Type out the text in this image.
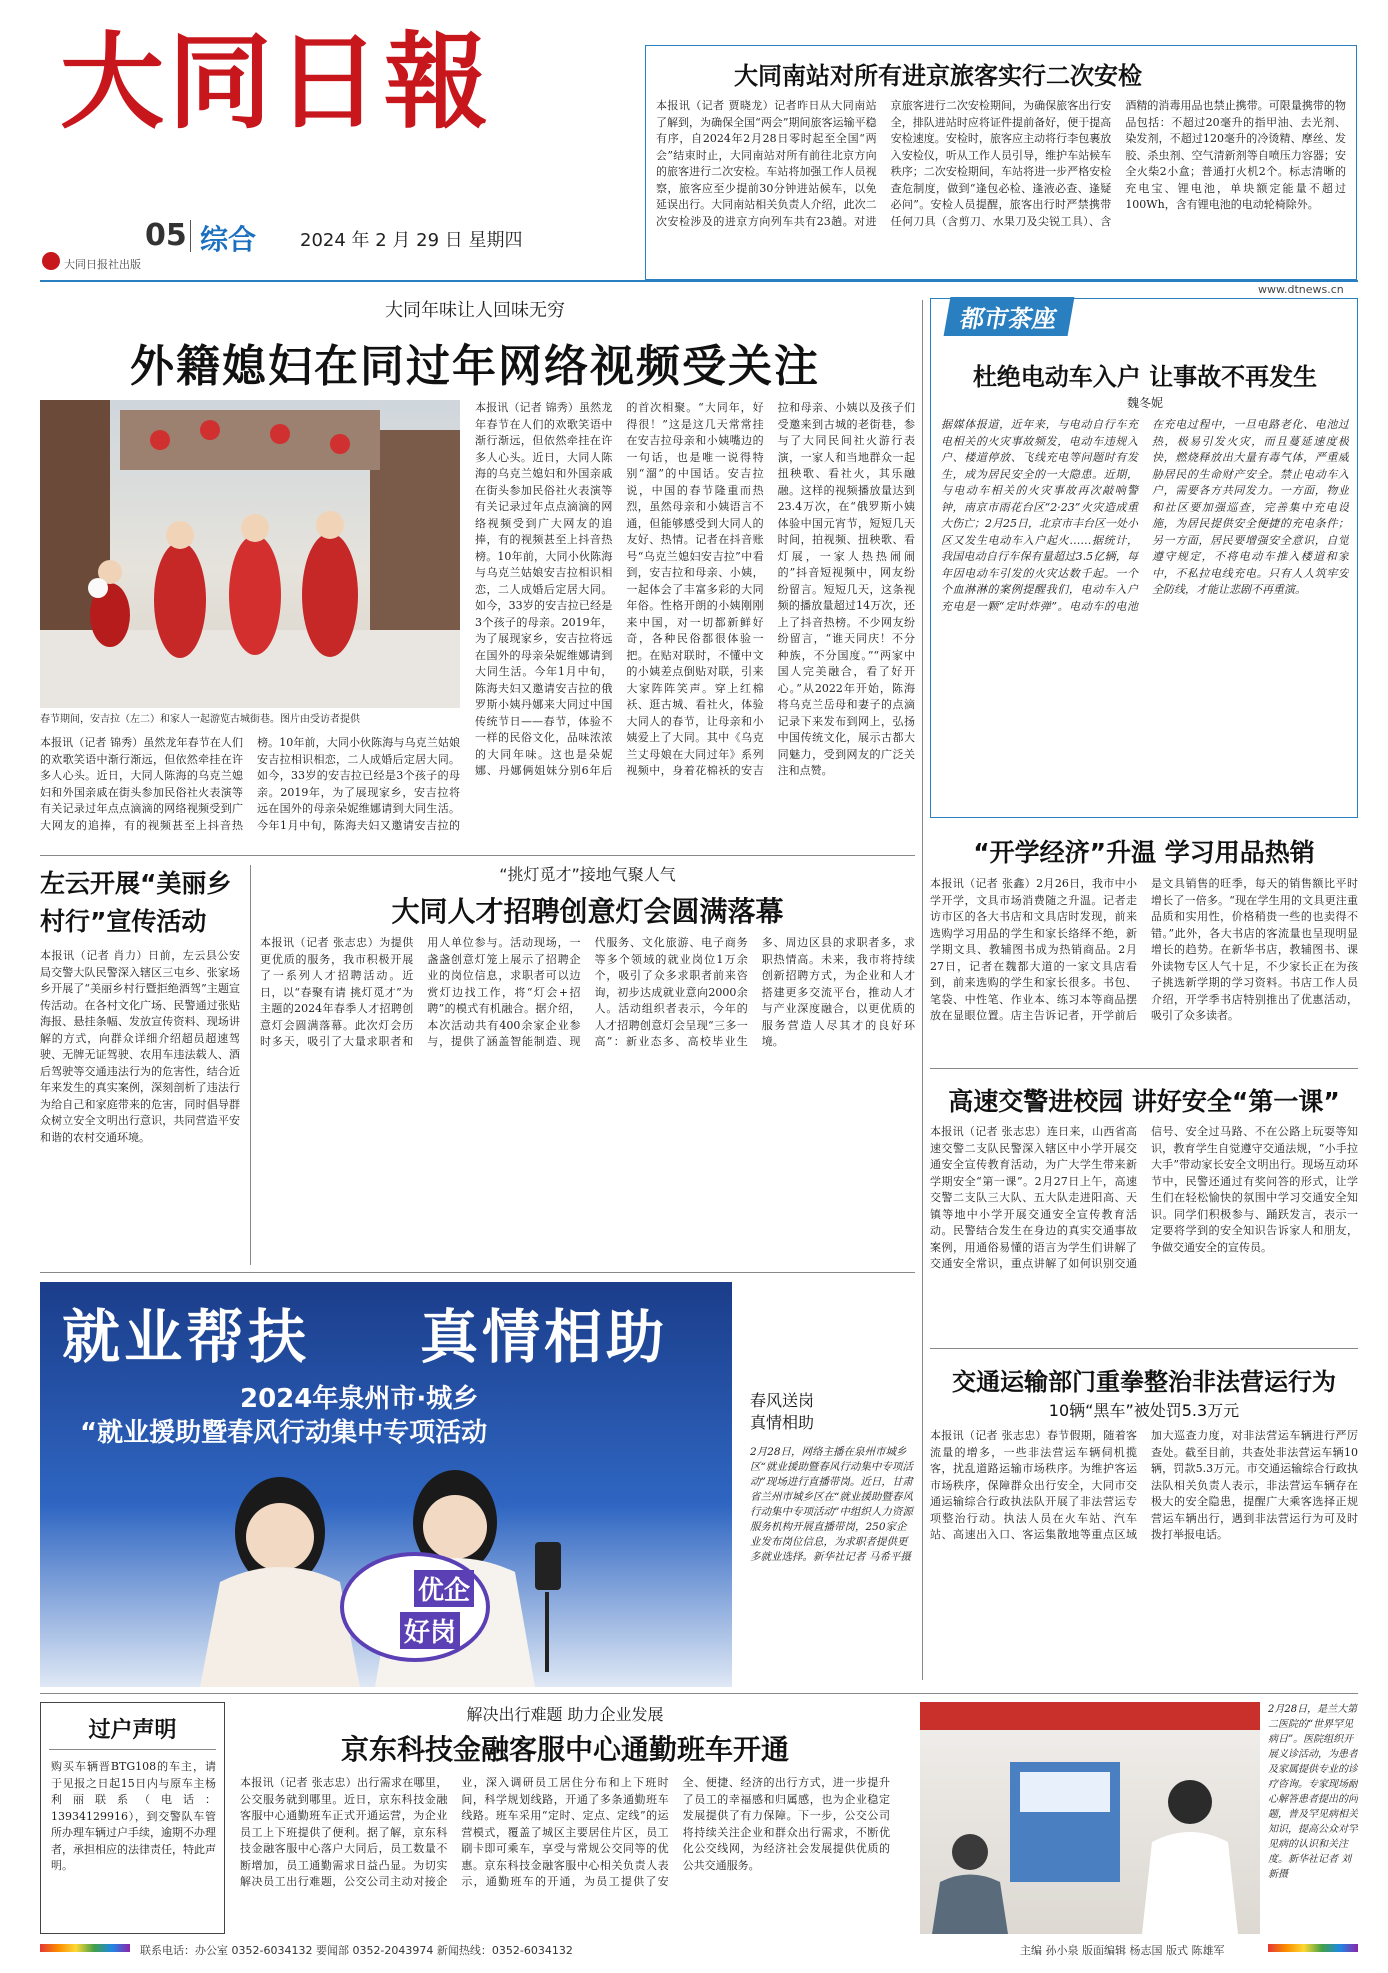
大同日報
05 综合 2024 年 2 月 29 日 星期四
大同日报社出版
大同南站对所有进京旅客实行二次安检
本报讯（记者 贾晓龙）记者昨日从大同南站了解到，为确保全国“两会”期间旅客运输平稳有序，自2024年2月28日零时起至全国“两会”结束时止，大同南站对所有前往北京方向的旅客进行二次安检。车站将加强工作人员视察，旅客应至少提前30分钟进站候车，以免延误出行。大同南站相关负责人介绍，此次二次安检涉及的进京方向列车共有23趟。对进京旅客进行二次安检期间，为确保旅客出行安全，排队进站时应将证件提前备好，便于提高安检速度。安检时，旅客应主动将行李包裹放入安检仪，听从工作人员引导，维护车站候车秩序；二次安检期间，车站将进一步严格安检查危制度，做到“逢包必检、逢液必查、逢疑必问”。安检人员提醒，旅客出行时严禁携带任何刀具（含剪刀、水果刀及尖锐工具）、含酒精的消毒用品也禁止携带。可限量携带的物品包括：不超过20毫升的指甲油、去光剂、染发剂，不超过120毫升的冷烫精、摩丝、发胶、杀虫剂、空气清新剂等自喷压力容器；安全火柴2小盒；普通打火机2个。标志清晰的充电宝、锂电池，单块额定能量不超过100Wh，含有锂电池的电动轮椅除外。
www.dtnews.cn
大同年味让人回味无穷
外籍媳妇在同过年网络视频受关注
春节期间，安吉拉（左二）和家人一起游览古城街巷。图片由受访者提供
本报讯（记者 锦秀）虽然龙年春节在人们的欢歌笑语中渐行渐远，但依然牵挂在许多人心头。近日，大同人陈海的乌克兰媳妇和外国亲戚在街头参加民俗社火表演等有关记录过年点点滴滴的网络视频受到广大网友的追捧，有的视频甚至上抖音热榜。10年前，大同小伙陈海与乌克兰姑娘安吉拉相识相恋，二人成婚后定居大同。如今，33岁的安吉拉已经是3个孩子的母亲。2019年，为了展现家乡，安吉拉将远在国外的母亲朵妮维娜请到大同生活。今年1月中旬，陈海夫妇又邀请安吉拉的
本报讯（记者 锦秀）虽然龙年春节在人们的欢歌笑语中渐行渐远，但依然牵挂在许多人心头。近日，大同人陈海的乌克兰媳妇和外国亲戚在街头参加民俗社火表演等有关记录过年点点滴滴的网络视频受到广大网友的追捧，有的视频甚至上抖音热榜。10年前，大同小伙陈海与乌克兰姑娘安吉拉相识相恋，二人成婚后定居大同。如今，33岁的安吉拉已经是3个孩子的母亲。2019年，为了展现家乡，安吉拉将远在国外的母亲朵妮维娜请到大同生活。今年1月中旬，陈海夫妇又邀请安吉拉的俄罗斯小姨丹娜来大同过中国传统节日——春节，体验不一样的民俗文化，品味浓浓的大同年味。这也是朵妮娜、丹娜俩姐妹分别6年后的首次相聚。“大同年，好得很！”这是这几天常常挂在安吉拉母亲和小姨嘴边的一句话，也是唯一说得特别“溜”的中国话。安吉拉说，中国的春节隆重而热烈，虽然母亲和小姨语言不通，但能够感受到大同人的友好、热情。记者在抖音账号“乌克兰媳妇安吉拉”中看到，安吉拉和母亲、小姨，一起体会了丰富多彩的大同年俗。性格开朗的小姨刚刚来中国，对一切都新鲜好奇，各种民俗都很体验一把。在贴对联时，不懂中文的小姨差点倒贴对联，引来大家阵阵笑声。穿上红棉袄、逛古城、看社火，体验大同人的春节，让母亲和小姨爱上了大同。其中《乌克兰丈母娘在大同过年》系列视频中，身着花棉袄的安吉拉和母亲、小姨以及孩子们受邀来到古城的老街巷，参与了大同民间社火游行表演，一家人和当地群众一起扭秧歌、看社火，其乐融融。这样的视频播放量达到23.4万次，在“俄罗斯小姨体验中国元宵节，短短几天时间，拍视频、扭秧歌、看灯展，一家人热热闹闹的”抖音短视频中，网友纷纷留言。短短几天，这条视频的播放量超过14万次，还上了抖音热榜。不少网友纷纷留言，“谁天同庆！不分种族，不分国度。”“两家中国人完美融合，看了好开心。”从2022年开始，陈海将乌克兰岳母和妻子的点滴记录下来发布到网上，弘扬中国传统文化，展示古都大同魅力，受到网友的广泛关注和点赞。
都市茶座
杜绝电动车入户 让事故不再发生
魏冬妮
据媒体报道，近年来，与电动自行车充电相关的火灾事故频发，电动车违规入户、楼道停放、飞线充电等问题时有发生，成为居民安全的一大隐患。近期，与电动车相关的火灾事故再次敲响警钟，南京市雨花台区“2·23”火灾造成重大伤亡；2月25日，北京市丰台区一处小区又发生电动车入户起火……据统计，我国电动自行车保有量超过3.5亿辆，每年因电动车引发的火灾达数千起。一个个血淋淋的案例提醒我们，电动车入户充电是一颗“定时炸弹”。电动车的电池在充电过程中，一旦电路老化、电池过热，极易引发火灾，而且蔓延速度极快，燃烧释放出大量有毒气体，严重威胁居民的生命财产安全。禁止电动车入户，需要各方共同发力。一方面，物业和社区要加强巡查，完善集中充电设施，为居民提供安全便捷的充电条件；另一方面，居民要增强安全意识，自觉遵守规定，不将电动车推入楼道和家中，不私拉电线充电。只有人人筑牢安全防线，才能让悲剧不再重演。
“开学经济”升温 学习用品热销
本报讯（记者 张鑫）2月26日，我市中小学开学，文具市场消费随之升温。记者走访市区的各大书店和文具店时发现，前来选购学习用品的学生和家长络绎不绝，新学期文具、教辅图书成为热销商品。2月27日，记者在魏都大道的一家文具店看到，前来选购的学生和家长很多。书包、笔袋、中性笔、作业本、练习本等商品摆放在显眼位置。店主告诉记者，开学前后是文具销售的旺季，每天的销售额比平时增长了一倍多。“现在学生用的文具更注重品质和实用性，价格稍贵一些的也卖得不错。”此外，各大书店的客流量也呈现明显增长的趋势。在新华书店，教辅图书、课外读物专区人气十足，不少家长正在为孩子挑选新学期的学习资料。书店工作人员介绍，开学季书店特别推出了优惠活动，吸引了众多读者。
左云开展“美丽乡村行”宣传活动
本报讯（记者 肖力）日前，左云县公安局交警大队民警深入辖区三屯乡、张家场乡开展了“美丽乡村行暨拒绝酒驾”主题宣传活动。在各村文化广场、民警通过张贴海报、悬挂条幅、发放宣传资料、现场讲解的方式，向群众详细介绍超员超速驾驶、无牌无证驾驶、农用车违法载人、酒后驾驶等交通违法行为的危害性，结合近年来发生的真实案例，深刻剖析了违法行为给自己和家庭带来的危害，同时倡导群众树立安全文明出行意识，共同营造平安和谐的农村交通环境。
“挑灯觅才”接地气聚人气
大同人才招聘创意灯会圆满落幕
本报讯（记者 张志忠）为提供更优质的服务，我市积极开展了一系列人才招聘活动。近日，以“春聚有请 挑灯觅才”为主题的2024年春季人才招聘创意灯会圆满落幕。此次灯会历时多天，吸引了大量求职者和用人单位参与。活动现场，一盏盏创意灯笼上展示了招聘企业的岗位信息，求职者可以边赏灯边找工作，将“灯会+招聘”的模式有机融合。据介绍，本次活动共有400余家企业参与，提供了涵盖智能制造、现代服务、文化旅游、电子商务等多个领域的就业岗位1万余个，吸引了众多求职者前来咨询，初步达成就业意向2000余人。活动组织者表示，今年的人才招聘创意灯会呈现“三多一高”：新业态多、高校毕业生多、周边区县的求职者多，求职热情高。未来，我市将持续创新招聘方式，为企业和人才搭建更多交流平台，推动人才与产业深度融合，以更优质的服务营造人尽其才的良好环境。
就业帮扶 真情相助
2024年泉州市·城乡
“就业援助暨春风行动集中专项活动
优企
好岗
春风送岗
真情相助
2月28日，网络主播在泉州市城乡区“就业援助暨春风行动集中专项活动”现场进行直播带岗。近日，甘肃省兰州市城乡区在“就业援助暨春风行动集中专项活动”中组织人力资源服务机构开展直播带岗，250家企业发布岗位信息，为求职者提供更多就业选择。新华社记者 马希平摄
高速交警进校园 讲好安全“第一课”
本报讯（记者 张志忠）连日来，山西省高速交警二支队民警深入辖区中小学开展交通安全宣传教育活动，为广大学生带来新学期安全“第一课”。2月27日上午，高速交警二支队三大队、五大队走进阳高、天镇等地中小学开展交通安全宣传教育活动。民警结合发生在身边的真实交通事故案例，用通俗易懂的语言为学生们讲解了交通安全常识，重点讲解了如何识别交通信号、安全过马路、不在公路上玩耍等知识，教育学生自觉遵守交通法规，“小手拉大手”带动家长安全文明出行。现场互动环节中，民警还通过有奖问答的形式，让学生们在轻松愉快的氛围中学习交通安全知识。同学们积极参与、踊跃发言，表示一定要将学到的安全知识告诉家人和朋友，争做交通安全的宣传员。
交通运输部门重拳整治非法营运行为
10辆“黑车”被处罚5.3万元
本报讯（记者 张志忠）春节假期，随着客流量的增多，一些非法营运车辆伺机揽客，扰乱道路运输市场秩序。为维护客运市场秩序，保障群众出行安全，大同市交通运输综合行政执法队开展了非法营运专项整治行动。执法人员在火车站、汽车站、高速出入口、客运集散地等重点区域加大巡查力度，对非法营运车辆进行严厉查处。截至目前，共查处非法营运车辆10辆，罚款5.3万元。市交通运输综合行政执法队相关负责人表示，非法营运车辆存在极大的安全隐患，提醒广大乘客选择正规营运车辆出行，遇到非法营运行为可及时拨打举报电话。
过户声明
购买车辆晋BTG108的车主，请于见报之日起15日内与原车主杨利丽联系（电话：13934129916），到交警队车管所办理车辆过户手续，逾期不办理者，承担相应的法律责任，特此声明。
解决出行难题 助力企业发展
京东科技金融客服中心通勤班车开通
本报讯（记者 张志忠）出行需求在哪里，公交服务就到哪里。近日，京东科技金融客服中心通勤班车正式开通运营，为企业员工上下班提供了便利。据了解，京东科技金融客服中心落户大同后，员工数量不断增加，员工通勤需求日益凸显。为切实解决员工出行难题，公交公司主动对接企业，深入调研员工居住分布和上下班时间，科学规划线路，开通了多条通勤班车线路。班车采用“定时、定点、定线”的运营模式，覆盖了城区主要居住片区，员工刷卡即可乘车，享受与常规公交同等的优惠。京东科技金融客服中心相关负责人表示，通勤班车的开通，为员工提供了安全、便捷、经济的出行方式，进一步提升了员工的幸福感和归属感，也为企业稳定发展提供了有力保障。下一步，公交公司将持续关注企业和群众出行需求，不断优化公交线网，为经济社会发展提供优质的公共交通服务。
2月28日，是兰大第二医院的“世界罕见病日”。医院组织开展义诊活动，为患者及家属提供专业的诊疗咨询。专家现场耐心解答患者提出的问题，普及罕见病相关知识，提高公众对罕见病的认识和关注度。新华社记者 刘新摄
联系电话：办公室 0352-6034132 要闻部 0352-2043974 新闻热线：0352-6034132	主编 孙小泉 版面编辑 杨志国 版式 陈雄军
